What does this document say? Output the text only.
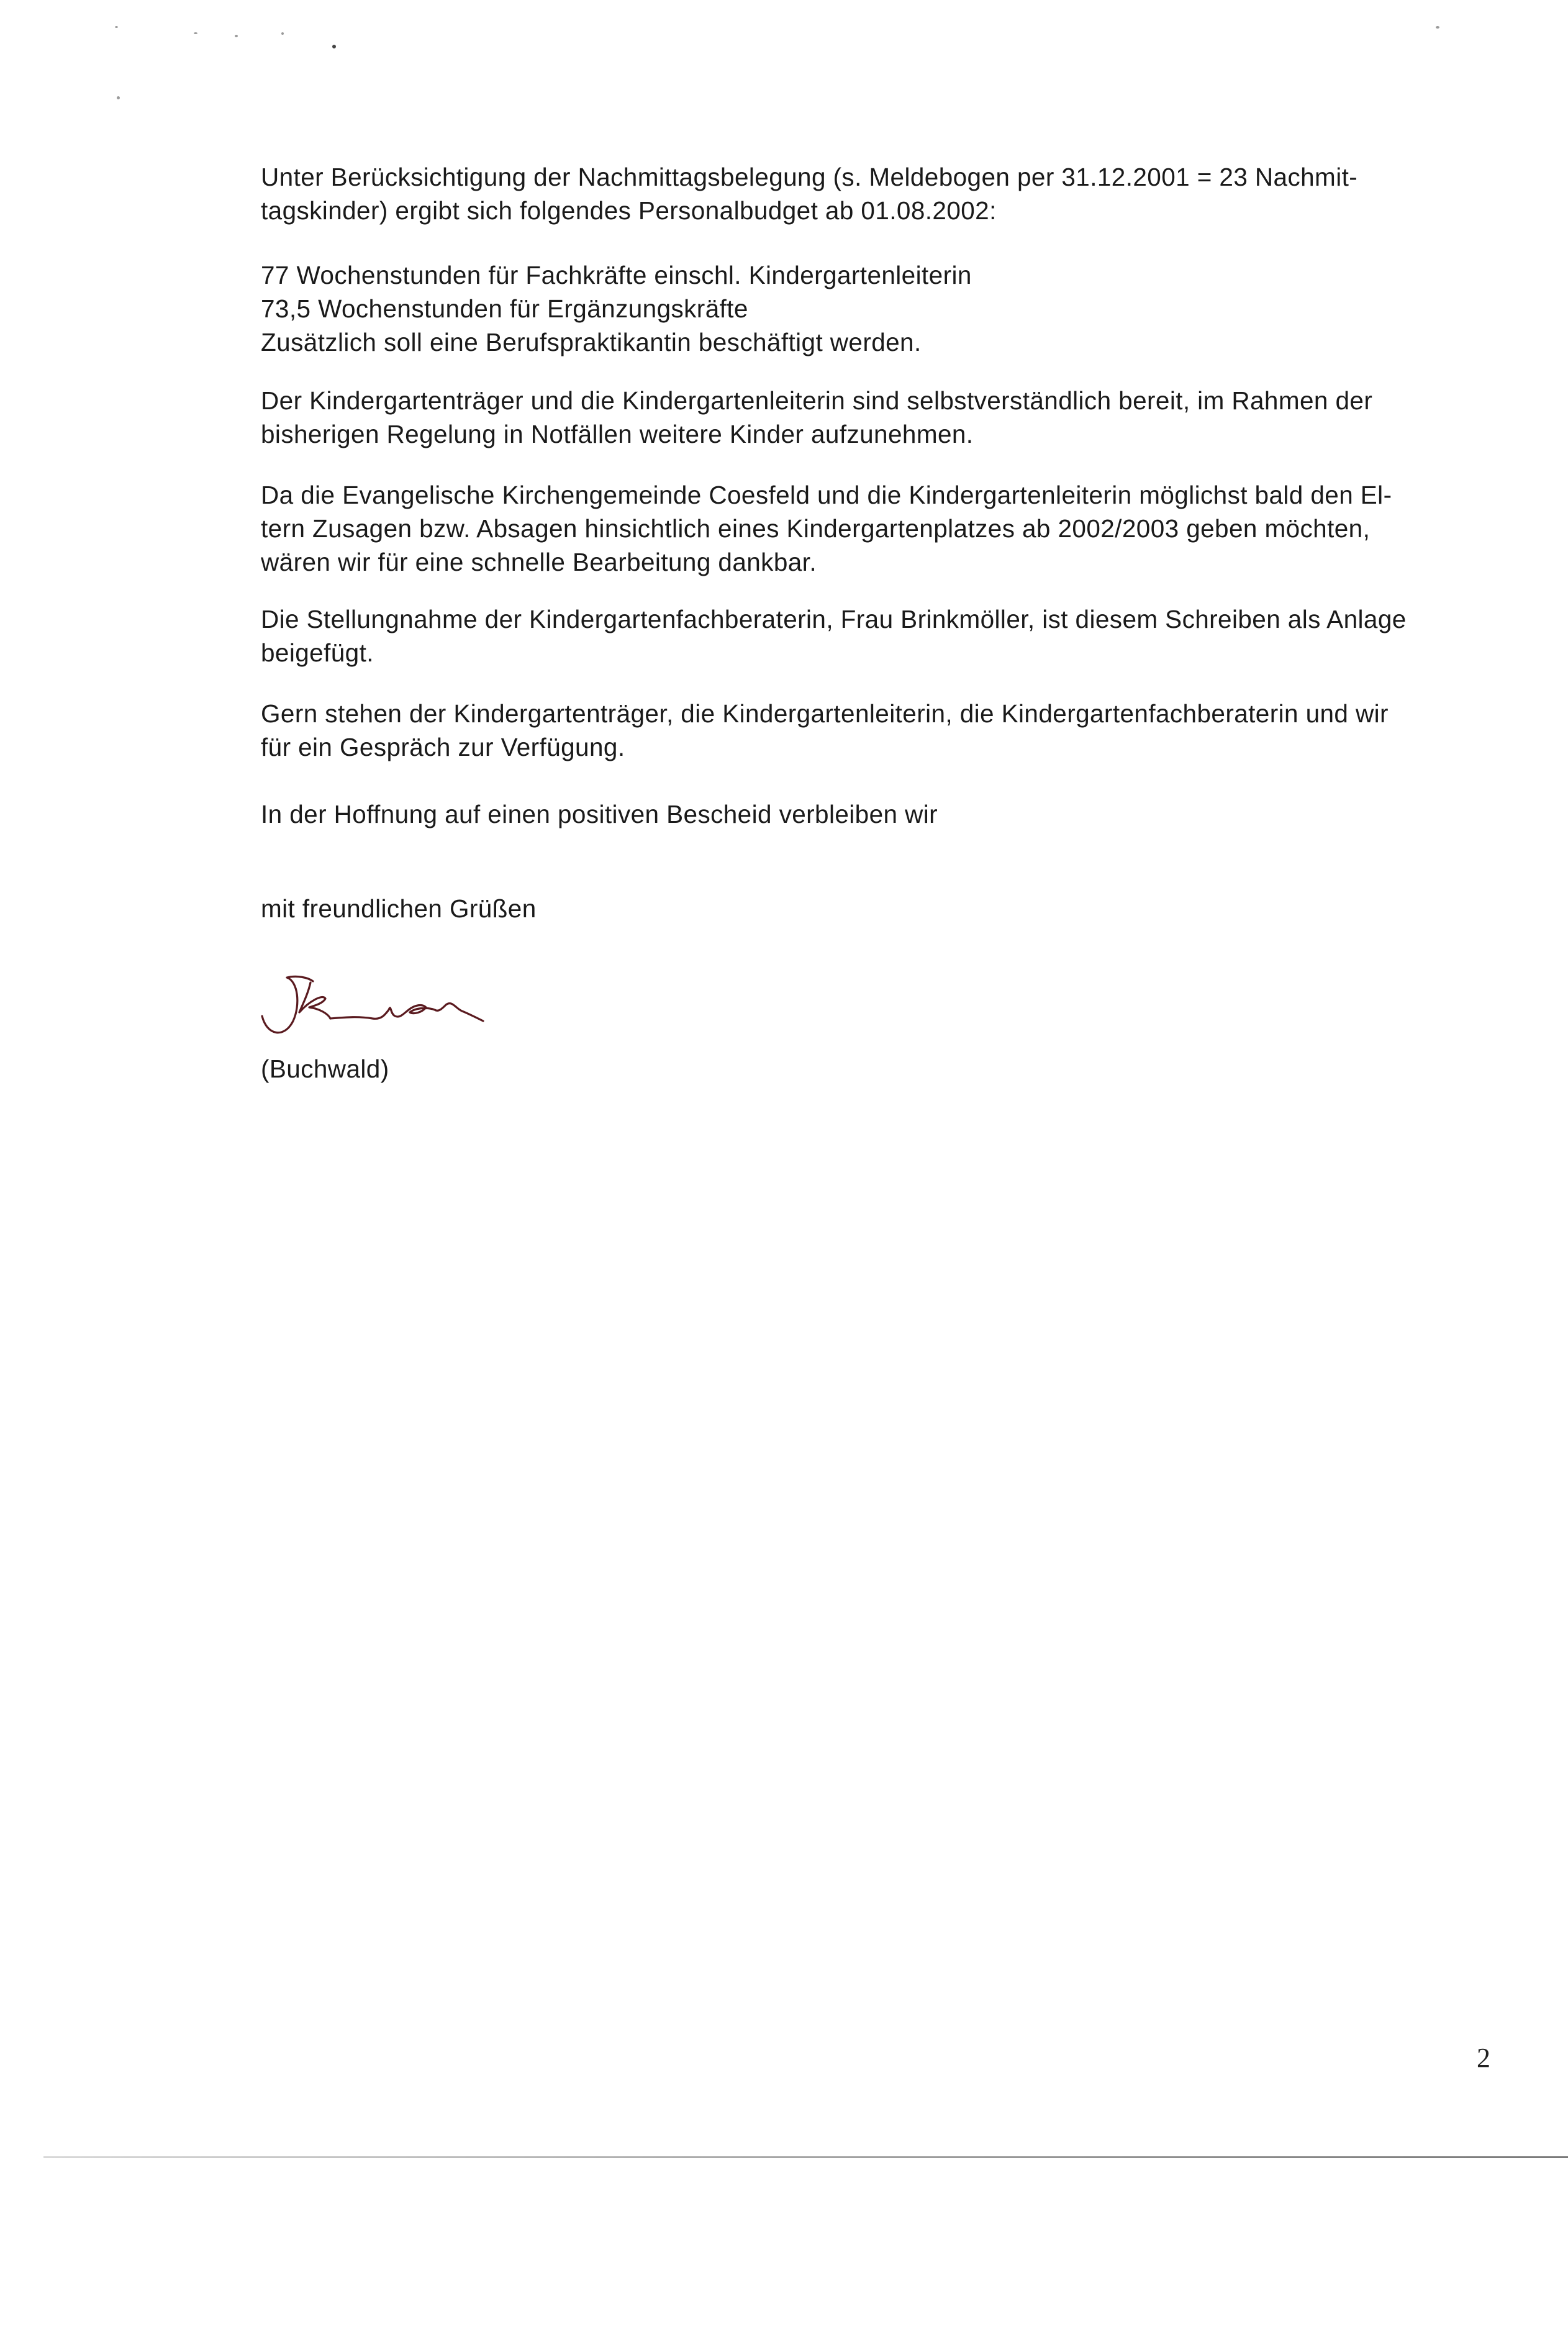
Unter Berücksichtigung der Nachmittagsbelegung (s. Meldebogen per 31.12.2001 = 23 Nachmit-
tagskinder) ergibt sich folgendes Personalbudget ab 01.08.2002:

77 Wochenstunden für Fachkräfte einschl. Kindergartenleiterin
73,5 Wochenstunden für Ergänzungskräfte
Zusätzlich soll eine Berufspraktikantin beschäftigt werden.

Der Kindergartenträger und die Kindergartenleiterin sind selbstverständlich bereit, im Rahmen der
bisherigen Regelung in Notfällen weitere Kinder aufzunehmen.

Da die Evangelische Kirchengemeinde Coesfeld und die Kindergartenleiterin möglichst bald den El-
tern Zusagen bzw. Absagen hinsichtlich eines Kindergartenplatzes ab 2002/2003 geben möchten,
wären wir für eine schnelle Bearbeitung dankbar.

Die Stellungnahme der Kindergartenfachberaterin, Frau Brinkmöller, ist diesem Schreiben als Anlage
beigefügt.

Gern stehen der Kindergartenträger, die Kindergartenleiterin, die Kindergartenfachberaterin und wir
für ein Gespräch zur Verfügung.

In der Hoffnung auf einen positiven Bescheid verbleiben wir

mit freundlichen Grüßen

(Buchwald)

2
